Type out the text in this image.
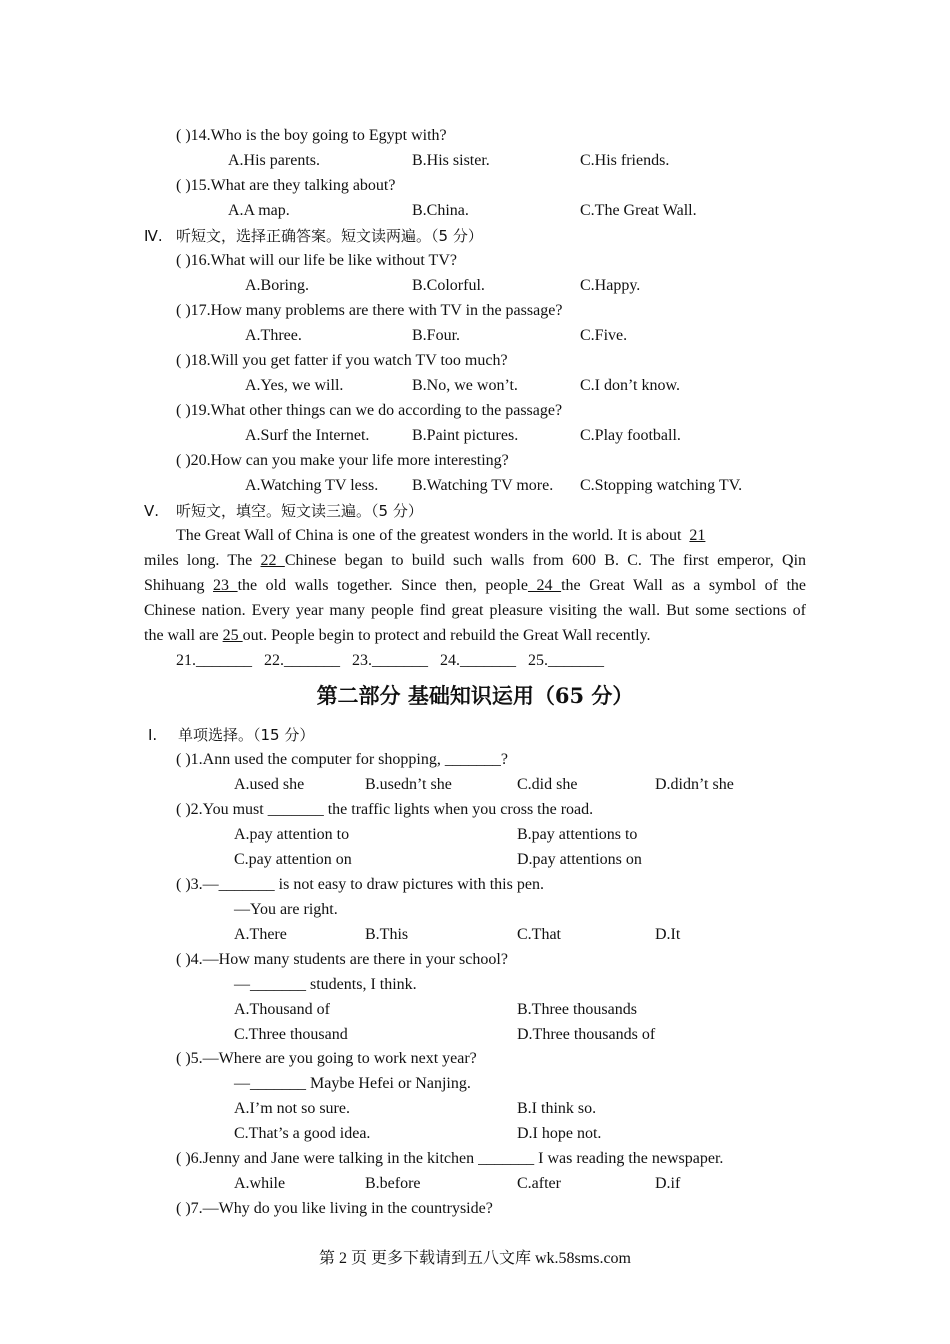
( )14.Who is the boy going to Egypt with?
A.His parents.	B.His sister.	C.His friends.
( )15.What are they talking about?
A.A map.	B.China.	C.The Great Wall.
Ⅳ. 听短文，选择正确答案。短文读两遍。（5 分）
( )16.What will our life be like without TV?
A.Boring.	B.Colorful.	C.Happy.
( )17.How many problems are there with TV in the passage?
A.Three.	B.Four.	C.Five.
( )18.Will you get fatter if you watch TV too much?
A.Yes, we will.	B.No, we won’t.	C.I don’t know.
( )19.What other things can we do according to the passage?
A.Surf the Internet.	B.Paint pictures.	C.Play football.
( )20.How can you make your life more interesting?
A.Watching TV less. B.Watching TV more. C.Stopping watching TV.
Ⅴ. 听短文，填空。短文读三遍。（5 分）
The Great Wall of China is one of the greatest wonders in the world. It is about 21
miles long. The 22 Chinese began to build such walls from 600 B. C. The first emperor, Qin
Shihuang 23 the old walls together. Since then, people 24 the Great Wall as a symbol of the
Chinese nation. Every year many people find great pleasure visiting the wall. But some sections of
the wall are 25 out. People begin to protect and rebuild the Great Wall recently.
21._______   22._______   23._______   24._______   25._______
第二部分 基础知识运用（65 分）
Ⅰ. 单项选择。（15 分）
( )1.Ann used the computer for shopping, _______?
A.used she	B.usedn’t she	C.did she	D.didn’t she
( )2.You must _______ the traffic lights when you cross the road.
A.pay attention to	B.pay attentions to
C.pay attention on	D.pay attentions on
( )3.—_______ is not easy to draw pictures with this pen.
—You are right.
A.There	B.This	C.That	D.It
( )4.—How many students are there in your school?
—_______ students, I think.
A.Thousand of	B.Three thousands
C.Three thousand	D.Three thousands of
( )5.—Where are you going to work next year?
—_______ Maybe Hefei or Nanjing.
A.I’m not so sure.	B.I think so.
C.That’s a good idea.	D.I hope not.
( )6.Jenny and Jane were talking in the kitchen _______ I was reading the newspaper.
A.while	B.before	C.after	D.if
( )7.—Why do you like living in the countryside?
第 2 页 更多下载请到五八文库 wk.58sms.com
